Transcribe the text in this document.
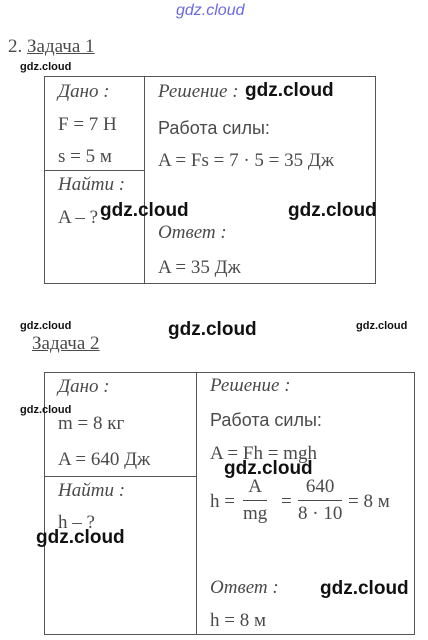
gdz.cloud
2. Задача 1
gdz.cloud
Дано :
F = 7 Н
s = 5 м
Найти :
A – ?
Решение :
Работа силы:
A = Fs = 7 · 5 = 35 Дж
Ответ :
A = 35 Дж
gdz.cloud
gdz.cloud	gdz.cloud
gdz.cloud	gdz.cloud	gdz.cloud
Задача 2
gdz.cloud
Дано :
m = 8 кг
A = 640 Дж
Найти :
h – ?
Решение :
Работа силы:
A = Fh = mgh
h =
A
mg
=
640
8 · 10
= 8 м
Ответ :
h = 8 м
gdz.cloud
gdz.cloud
gdz.cloud
